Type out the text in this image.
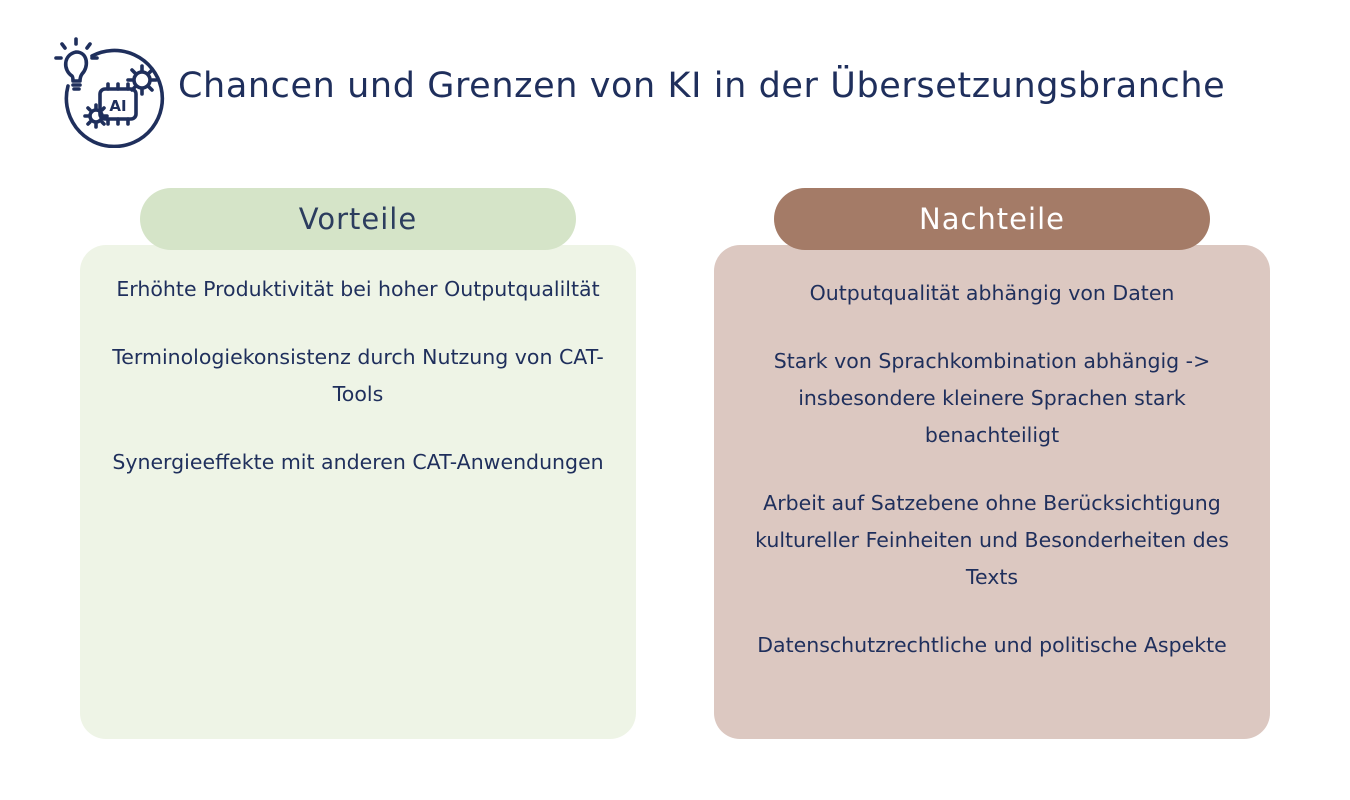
AI Chancen und Grenzen von KI in der Übersetzungsbranche
Erhöhte Produktivität bei hoher Outputqualiltät
Terminologiekonsistenz durch Nutzung von CAT-Tools
Synergieeffekte mit anderen CAT-Anwendungen
Vorteile
Outputqualität abhängig von Daten
Stark von Sprachkombination abhängig -> insbesondere kleinere Sprachen stark benachteiligt
Arbeit auf Satzebene ohne Berücksichtigung kultureller Feinheiten und Besonderheiten des Texts
Datenschutzrechtliche und politische Aspekte
Nachteile
